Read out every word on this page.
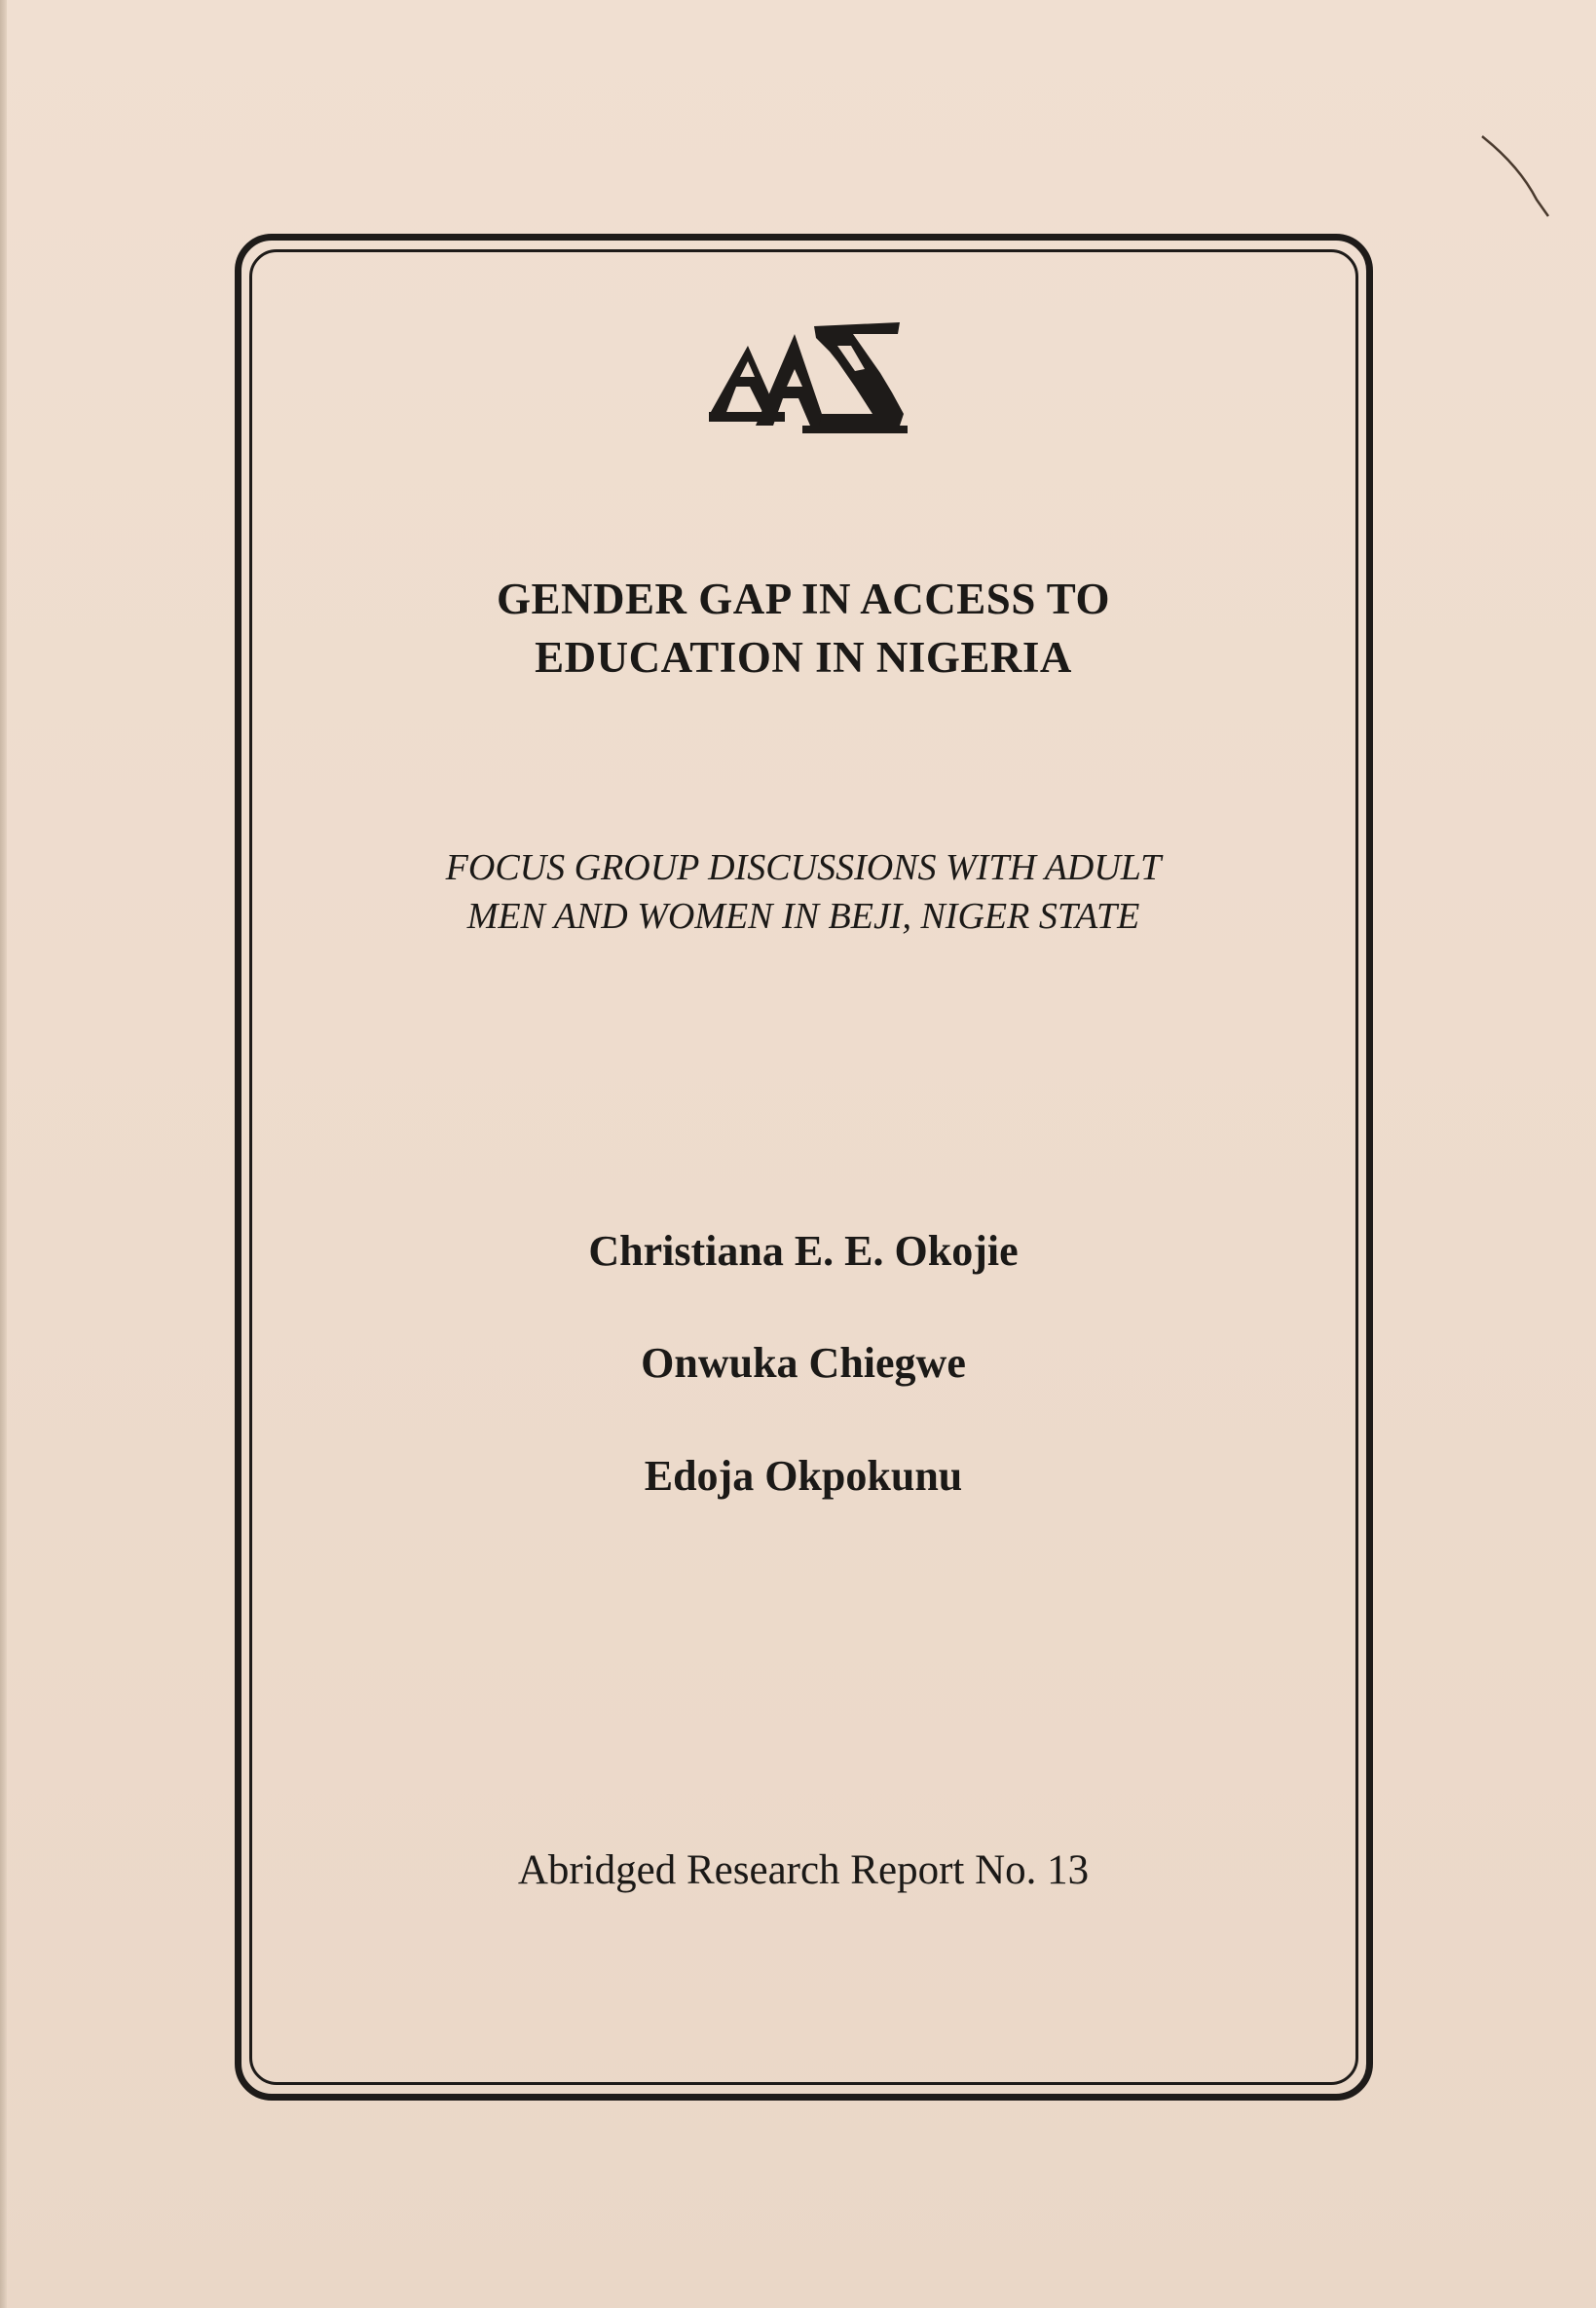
GENDER GAP IN ACCESS TO
EDUCATION IN NIGERIA
FOCUS GROUP DISCUSSIONS WITH ADULT
MEN AND WOMEN IN BEJI, NIGER STATE
Christiana E. E. Okojie
Onwuka Chiegwe
Edoja Okpokunu
Abridged Research Report No. 13
